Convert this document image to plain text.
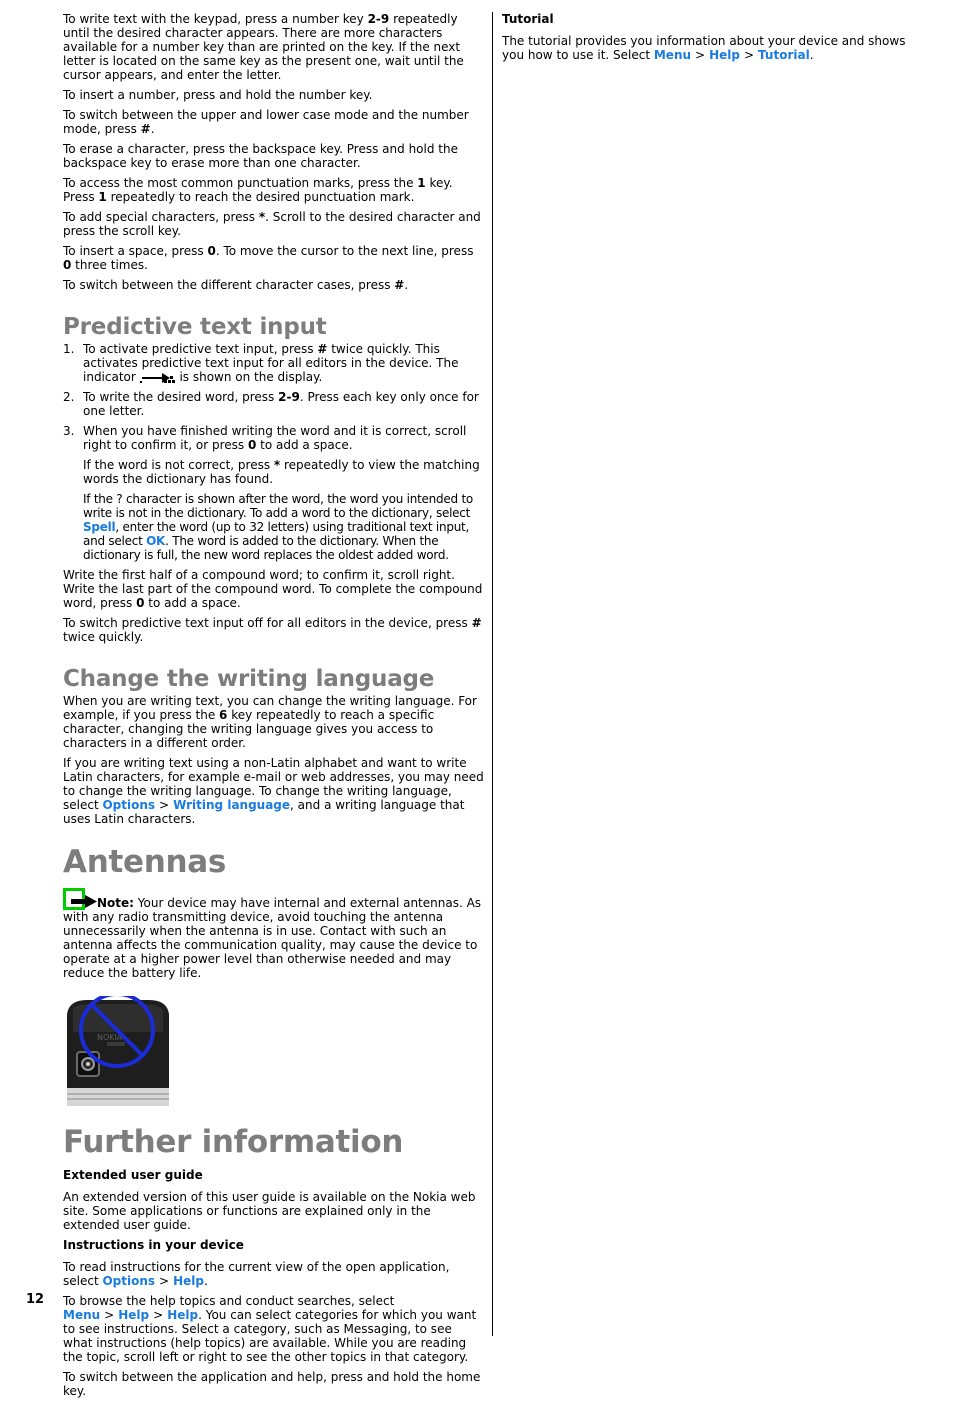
To write text with the keypad, press a number key 2-9 repeatedly until the desired character appears. There are more characters available for a number key than are printed on the key. If the next letter is located on the same key as the present one, wait until the cursor appears, and enter the letter.

To insert a number, press and hold the number key.

To switch between the upper and lower case mode and the number mode, press #.

To erase a character, press the backspace key. Press and hold the backspace key to erase more than one character.

To access the most common punctuation marks, press the 1 key. Press 1 repeatedly to reach the desired punctuation mark.

To add special characters, press *. Scroll to the desired character and press the scroll key.

To insert a space, press 0. To move the cursor to the next line, press 0 three times.

To switch between the different character cases, press #.

Predictive text input
1. To activate predictive text input, press # twice quickly. This activates predictive text input for all editors in the device. The indicator	is shown on the display.

2. To write the desired word, press 2-9. Press each key only once for one letter.

3. When you have finished writing the word and it is correct, scroll right to confirm it, or press 0 to add a space.

If the word is not correct, press * repeatedly to view the matching words the dictionary has found.

If the ? character is shown after the word, the word you intended to write is not in the dictionary. To add a word to the dictionary, select Spell, enter the word (up to 32 letters) using traditional text input, and select OK. The word is added to the dictionary. When the dictionary is full, the new word replaces the oldest added word.

Write the first half of a compound word; to confirm it, scroll right. Write the last part of the compound word. To complete the compound word, press 0 to add a space.

To switch predictive text input off for all editors in the device, press # twice quickly.

Change the writing language

When you are writing text, you can change the writing language. For example, if you press the 6 key repeatedly to reach a specific character, changing the writing language gives you access to characters in a different order.

If you are writing text using a non-Latin alphabet and want to write Latin characters, for example e-mail or web addresses, you may need to change the writing language. To change the writing language, select Options > Writing language, and a writing language that uses Latin characters.

Antennas

Note: Your device may have internal and external antennas. As with any radio transmitting device, avoid touching the antenna unnecessarily when the antenna is in use. Contact with such an antenna affects the communication quality, may cause the device to operate at a higher power level than otherwise needed and may reduce the battery life.

NOKIA
Further information
Extended user guide

An extended version of this user guide is available on the Nokia web site. Some applications or functions are explained only in the extended user guide.

Instructions in your device

To read instructions for the current view of the open application, select Options > Help.

To browse the help topics and conduct searches, select Menu > Help > Help. You can select categories for which you want to see instructions. Select a category, such as Messaging, to see what instructions (help topics) are available. While you are reading the topic, scroll left or right to see the other topics in that category.

To switch between the application and help, press and hold the home key.

Tutorial

The tutorial provides you information about your device and shows you how to use it. Select Menu > Help > Tutorial.

12
